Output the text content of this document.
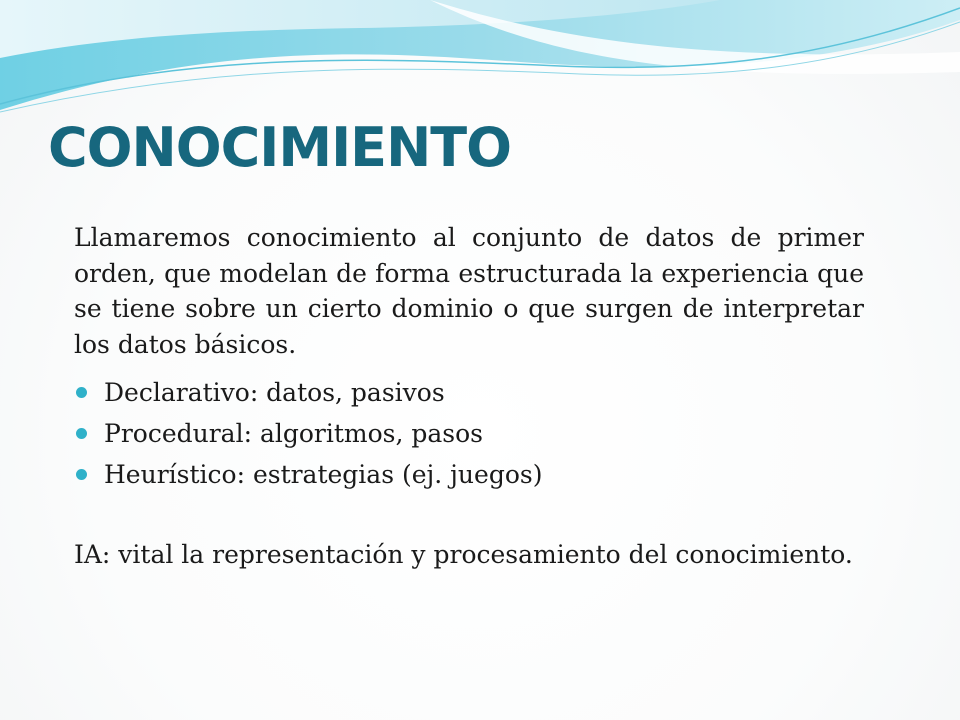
CONOCIMIENTO

Llamaremos conocimiento al conjunto de datos de primer orden, que modelan de forma estructurada la experiencia que se tiene sobre un cierto dominio o que surgen de interpretar los datos básicos.

Declarativo: datos, pasivos
Procedural: algoritmos, pasos
Heurístico: estrategias (ej. juegos)

IA: vital la representación y procesamiento del conocimiento.
